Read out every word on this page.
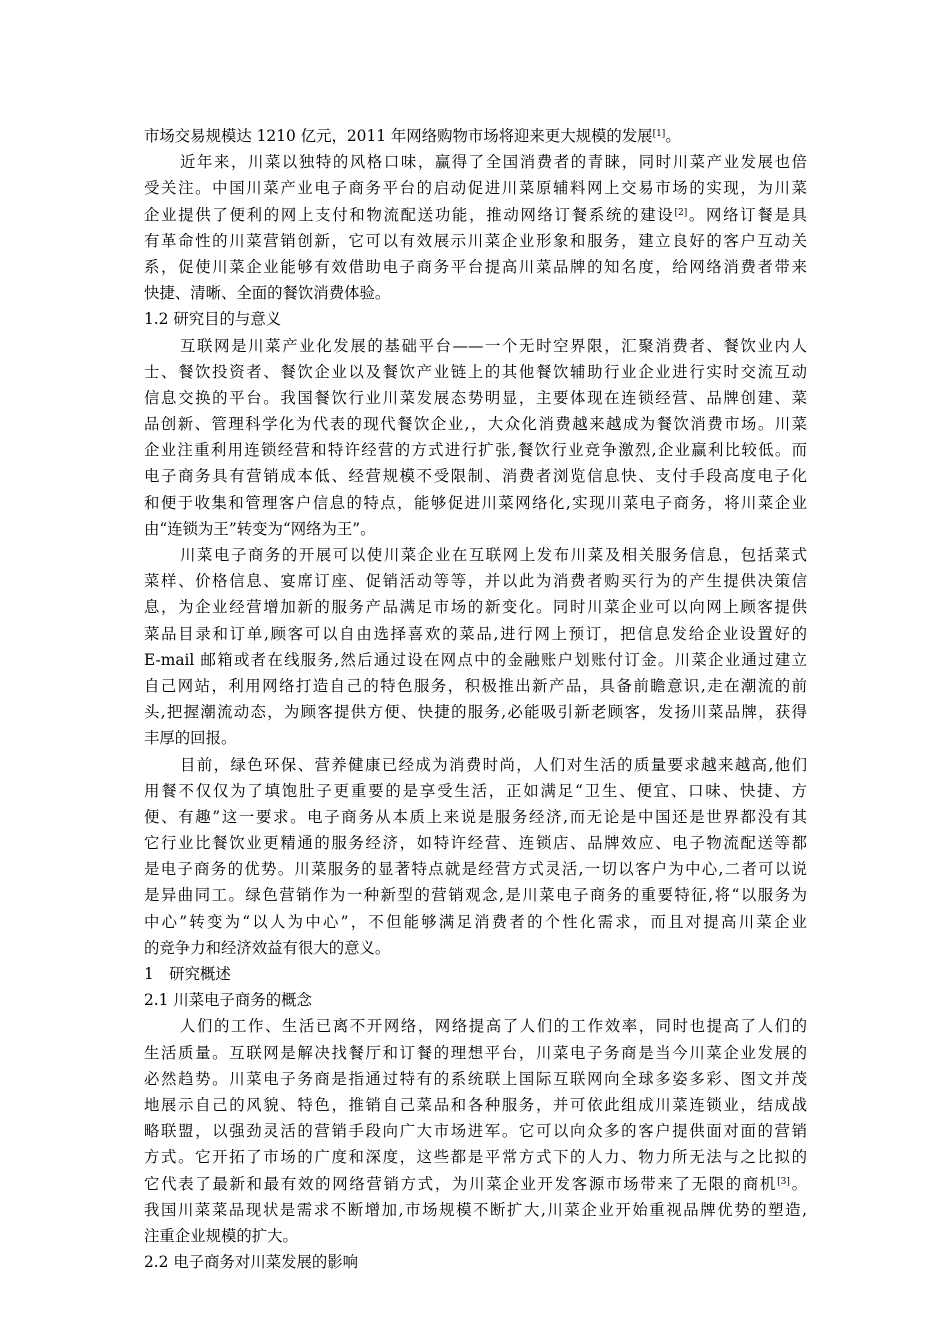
市场交易规模达 1210 亿元，2011 年网络购物市场将迎来更大规模的发展[1]。
近年来，川菜以独特的风格口味，赢得了全国消费者的青睐，同时川菜产业发展也倍
受关注。中国川菜产业电子商务平台的启动促进川菜原辅料网上交易市场的实现，为川菜
企业提供了便利的网上支付和物流配送功能，推动网络订餐系统的建设[2]。网络订餐是具
有革命性的川菜营销创新，它可以有效展示川菜企业形象和服务，建立良好的客户互动关
系，促使川菜企业能够有效借助电子商务平台提高川菜品牌的知名度，给网络消费者带来
快捷、清晰、全面的餐饮消费体验。
1.2 研究目的与意义
互联网是川菜产业化发展的基础平台——一个无时空界限，汇聚消费者、餐饮业内人
士、餐饮投资者、餐饮企业以及餐饮产业链上的其他餐饮辅助行业企业进行实时交流互动
信息交换的平台。我国餐饮行业川菜发展态势明显，主要体现在连锁经营、品牌创建、菜
品创新、管理科学化为代表的现代餐饮企业,，大众化消费越来越成为餐饮消费市场。川菜
企业注重利用连锁经营和特许经营的方式进行扩张,餐饮行业竞争激烈,企业赢利比较低。而
电子商务具有营销成本低、经营规模不受限制、消费者浏览信息快、支付手段高度电子化
和便于收集和管理客户信息的特点，能够促进川菜网络化,实现川菜电子商务，将川菜企业
由“连锁为王”转变为“网络为王”。
川菜电子商务的开展可以使川菜企业在互联网上发布川菜及相关服务信息，包括菜式
菜样、价格信息、宴席订座、促销活动等等，并以此为消费者购买行为的产生提供决策信
息，为企业经营增加新的服务产品满足市场的新变化。同时川菜企业可以向网上顾客提供
菜品目录和订单,顾客可以自由选择喜欢的菜品,进行网上预订，把信息发给企业设置好的
E-mail 邮箱或者在线服务,然后通过设在网点中的金融账户划账付订金。川菜企业通过建立
自己网站，利用网络打造自己的特色服务，积极推出新产品，具备前瞻意识,走在潮流的前
头,把握潮流动态，为顾客提供方便、快捷的服务,必能吸引新老顾客，发扬川菜品牌，获得
丰厚的回报。
目前，绿色环保、营养健康已经成为消费时尚，人们对生活的质量要求越来越高,他们
用餐不仅仅为了填饱肚子更重要的是享受生活，正如满足“卫生、便宜、口味、快捷、方
便、有趣”这一要求。电子商务从本质上来说是服务经济,而无论是中国还是世界都没有其
它行业比餐饮业更精通的服务经济，如特许经营、连锁店、品牌效应、电子物流配送等都
是电子商务的优势。川菜服务的显著特点就是经营方式灵活,一切以客户为中心,二者可以说
是异曲同工。绿色营销作为一种新型的营销观念,是川菜电子商务的重要特征,将“以服务为
中心”转变为“以人为中心”，不但能够满足消费者的个性化需求，而且对提高川菜企业
的竞争力和经济效益有很大的意义。
1　研究概述
2.1 川菜电子商务的概念
人们的工作、生活已离不开网络，网络提高了人们的工作效率，同时也提高了人们的
生活质量。互联网是解决找餐厅和订餐的理想平台，川菜电子务商是当今川菜企业发展的
必然趋势。川菜电子务商是指通过特有的系统联上国际互联网向全球多姿多彩、图文并茂
地展示自己的风貌、特色，推销自己菜品和各种服务，并可依此组成川菜连锁业，结成战
略联盟，以强劲灵活的营销手段向广大市场进军。它可以向众多的客户提供面对面的营销
方式。它开拓了市场的广度和深度，这些都是平常方式下的人力、物力所无法与之比拟的
它代表了最新和最有效的网络营销方式，为川菜企业开发客源市场带来了无限的商机[3]。
我国川菜菜品现状是需求不断增加,市场规模不断扩大,川菜企业开始重视品牌优势的塑造,
注重企业规模的扩大。
2.2 电子商务对川菜发展的影响
